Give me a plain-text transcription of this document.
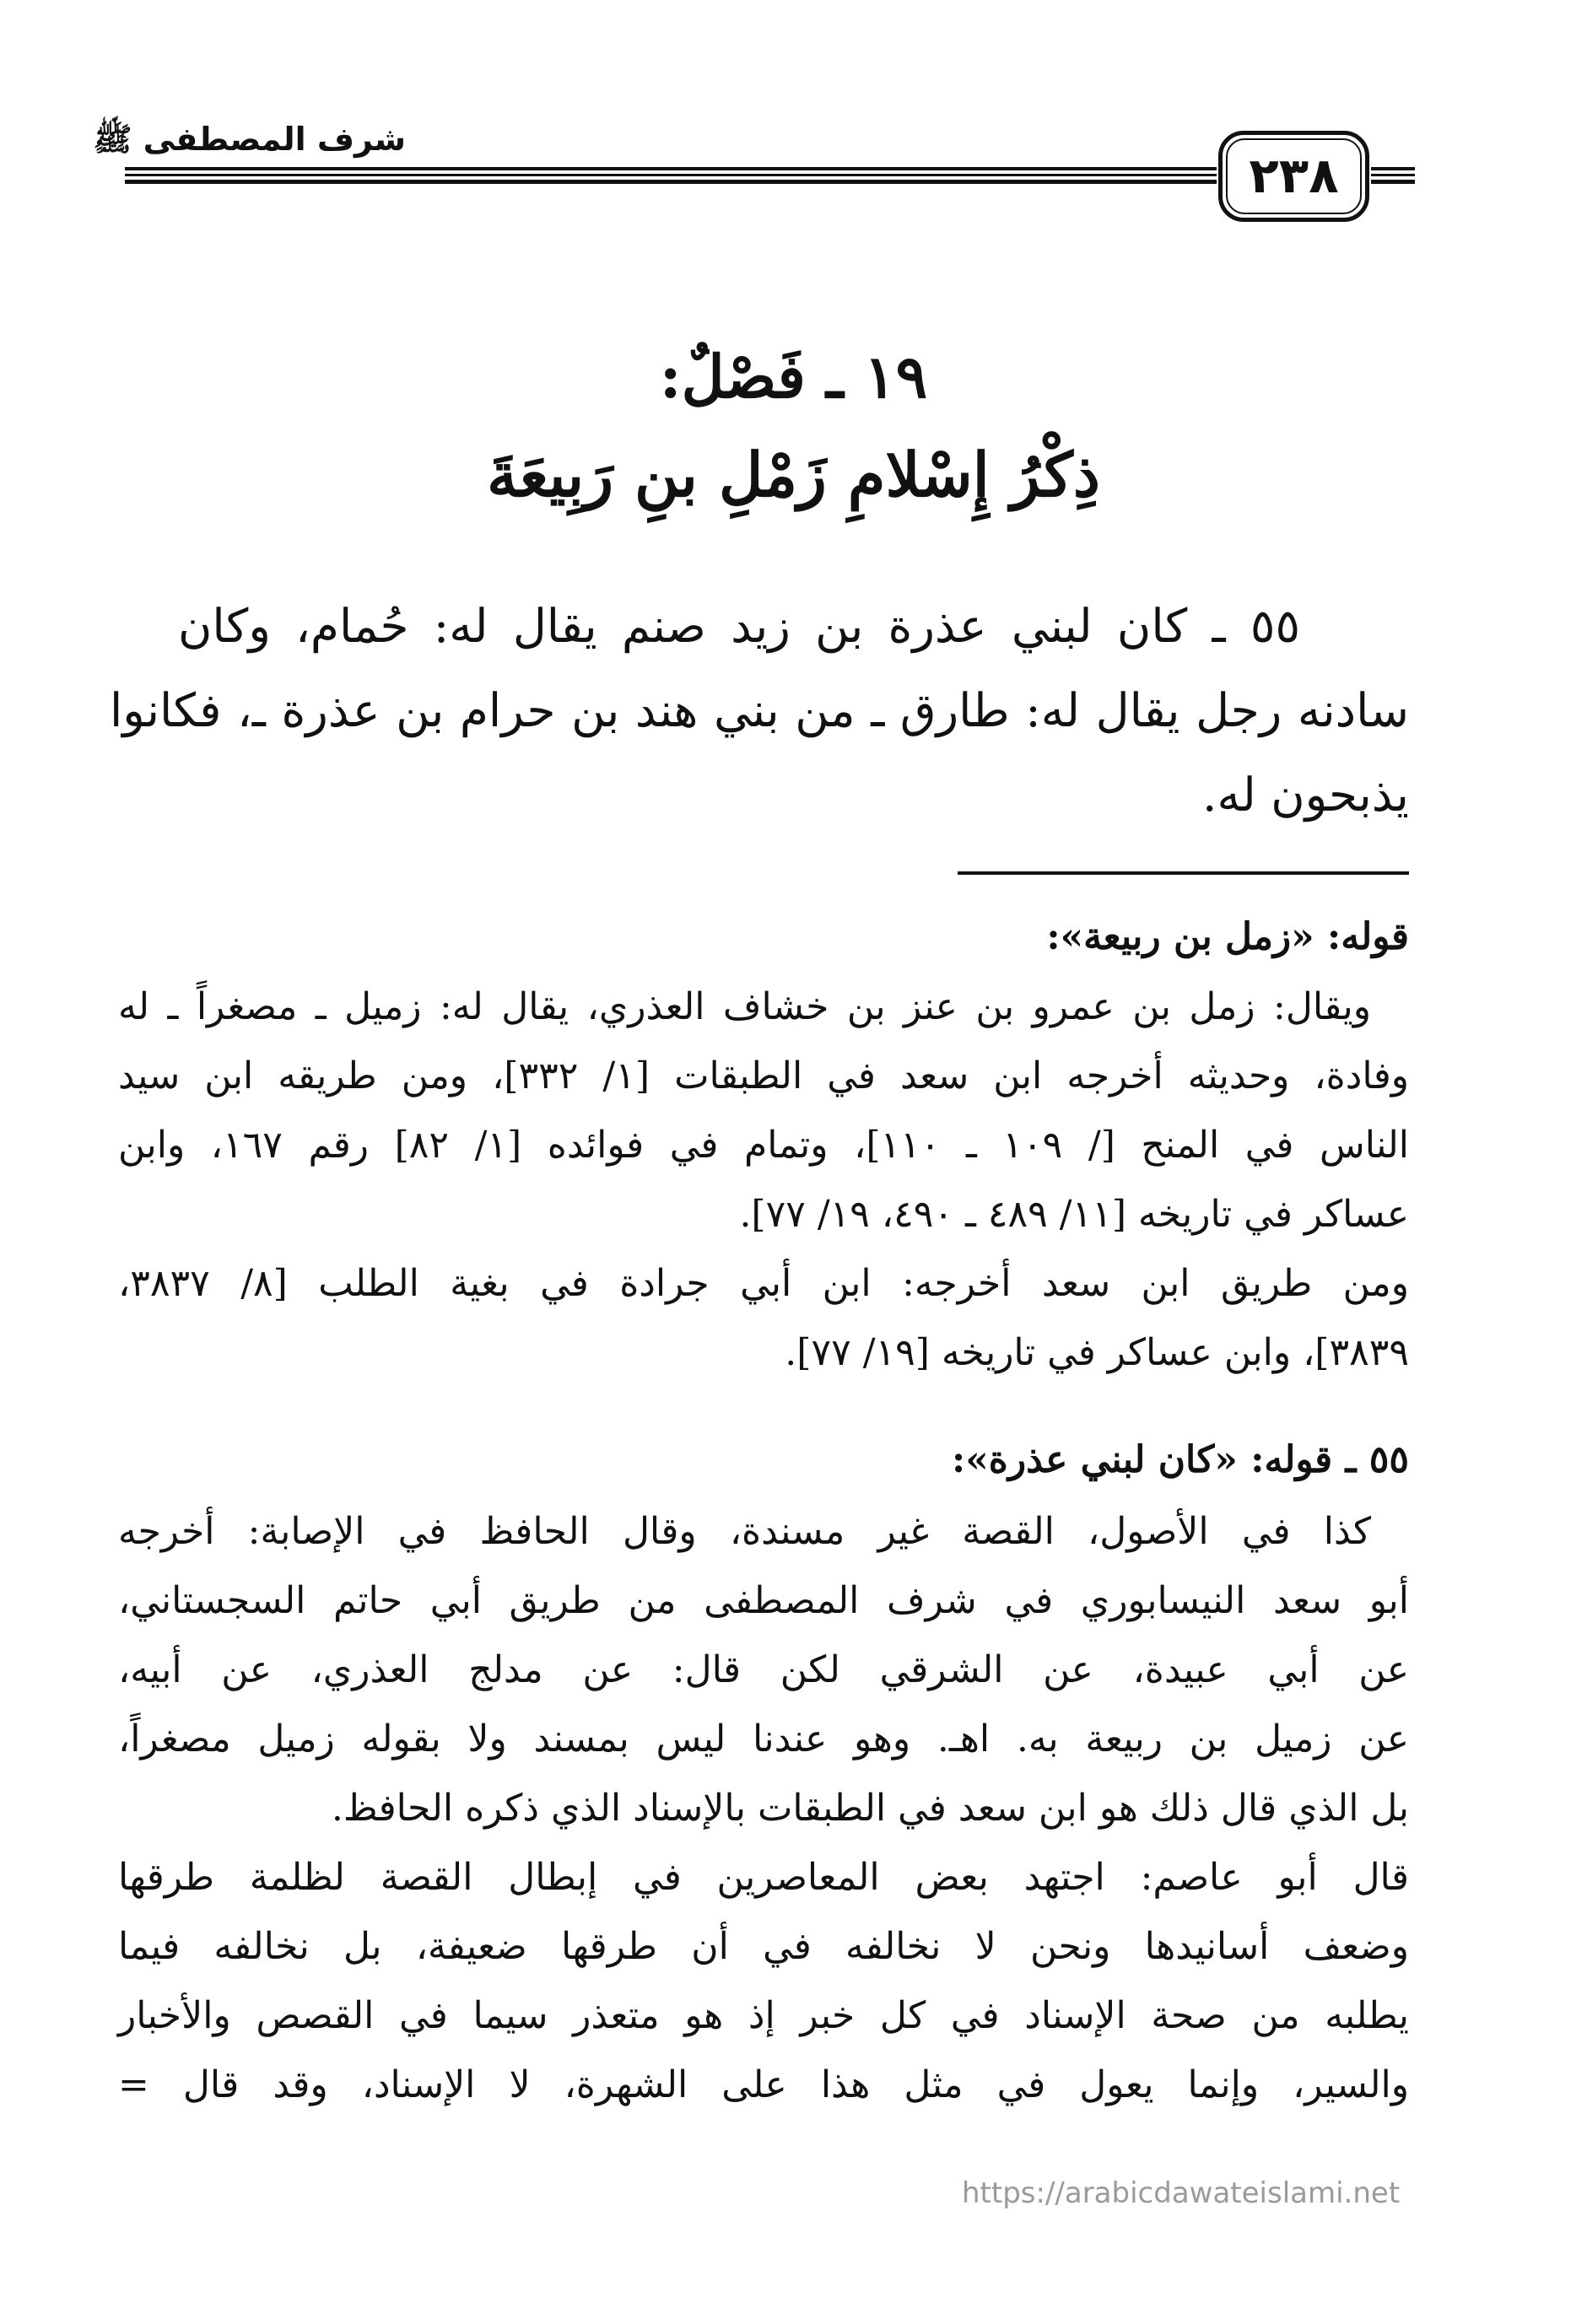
شرف المصطفى ﷺ
٢٣٨
١٩ ـ فَصْلٌ:
ذِكْرُ إِسْلامِ زَمْلِ بنِ رَبِيعَةَ
٥٥ ـ كان لبني عذرة بن زيد صنم يقال له: حُمام، وكان
سادنه رجل يقال له: طارق ـ من بني هند بن حرام بن عذرة ـ، فكانوا
يذبحون له.
قوله: «زمل بن ربيعة»:
ويقال: زمل بن عمرو بن عنز بن خشاف العذري، يقال له: زميل ـ مصغراً ـ له
وفادة، وحديثه أخرجه ابن سعد في الطبقات [١/ ٣٣٢]، ومن طريقه ابن سيد
الناس في المنح [/ ١٠٩ ـ ١١٠]، وتمام في فوائده [١/ ٨٢] رقم ١٦٧، وابن
عساكر في تاريخه [١١/ ٤٨٩ ـ ٤٩٠، ١٩/ ٧٧].
ومن طريق ابن سعد أخرجه: ابن أبي جرادة في بغية الطلب [٨/ ٣٨٣٧،
٣٨٣٩]، وابن عساكر في تاريخه [١٩/ ٧٧].
٥٥ ـ قوله: «كان لبني عذرة»:
كذا في الأصول، القصة غير مسندة، وقال الحافظ في الإصابة: أخرجه
أبو سعد النيسابوري في شرف المصطفى من طريق أبي حاتم السجستاني،
عن أبي عبيدة، عن الشرقي لكن قال: عن مدلج العذري، عن أبيه،
عن زميل بن ربيعة به. اهـ. وهو عندنا ليس بمسند ولا بقوله زميل مصغراً،
بل الذي قال ذلك هو ابن سعد في الطبقات بالإسناد الذي ذكره الحافظ.
قال أبو عاصم: اجتهد بعض المعاصرين في إبطال القصة لظلمة طرقها
وضعف أسانيدها ونحن لا نخالفه في أن طرقها ضعيفة، بل نخالفه فيما
يطلبه من صحة الإسناد في كل خبر إذ هو متعذر سيما في القصص والأخبار
والسير، وإنما يعول في مثل هذا على الشهرة، لا الإسناد، وقد قال =
https://arabicdawateislami.net
